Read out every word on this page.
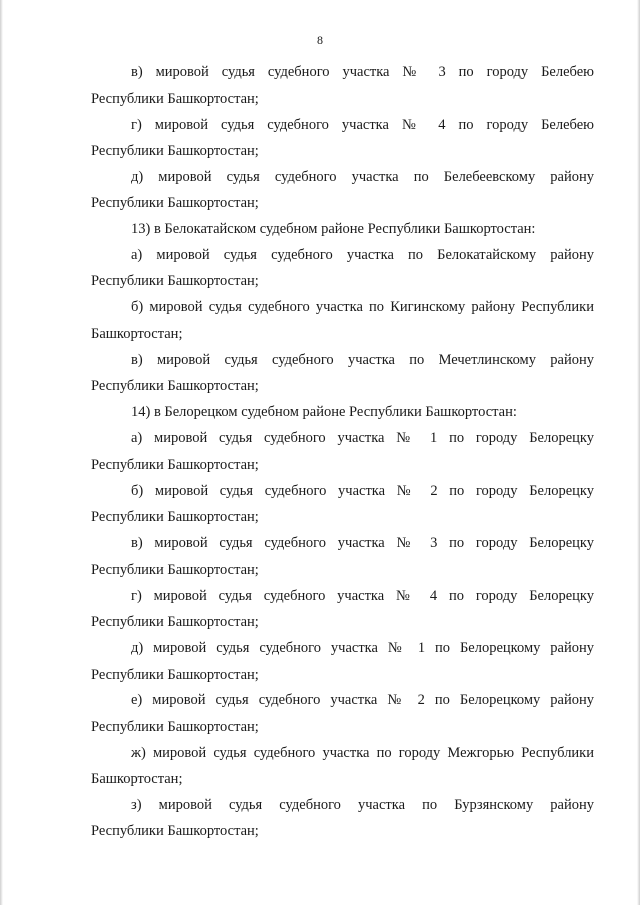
8
в) мировой судья судебного участка № 3 по городу Белебею
Республики Башкортостан;
г) мировой судья судебного участка № 4 по городу Белебею
Республики Башкортостан;
д) мировой судья судебного участка по Белебеевскому району
Республики Башкортостан;
13) в Белокатайском судебном районе Республики Башкортостан:
а) мировой судья судебного участка по Белокатайскому району
Республики Башкортостан;
б) мировой судья судебного участка по Кигинскому району Республики
Башкортостан;
в) мировой судья судебного участка по Мечетлинскому району
Республики Башкортостан;
14) в Белорецком судебном районе Республики Башкортостан:
а) мировой судья судебного участка № 1 по городу Белорецку
Республики Башкортостан;
б) мировой судья судебного участка № 2 по городу Белорецку
Республики Башкортостан;
в) мировой судья судебного участка № 3 по городу Белорецку
Республики Башкортостан;
г) мировой судья судебного участка № 4 по городу Белорецку
Республики Башкортостан;
д) мировой судья судебного участка № 1 по Белорецкому району
Республики Башкортостан;
е) мировой судья судебного участка № 2 по Белорецкому району
Республики Башкортостан;
ж) мировой судья судебного участка по городу Межгорью Республики
Башкортостан;
з) мировой судья судебного участка по Бурзянскому району
Республики Башкортостан;
